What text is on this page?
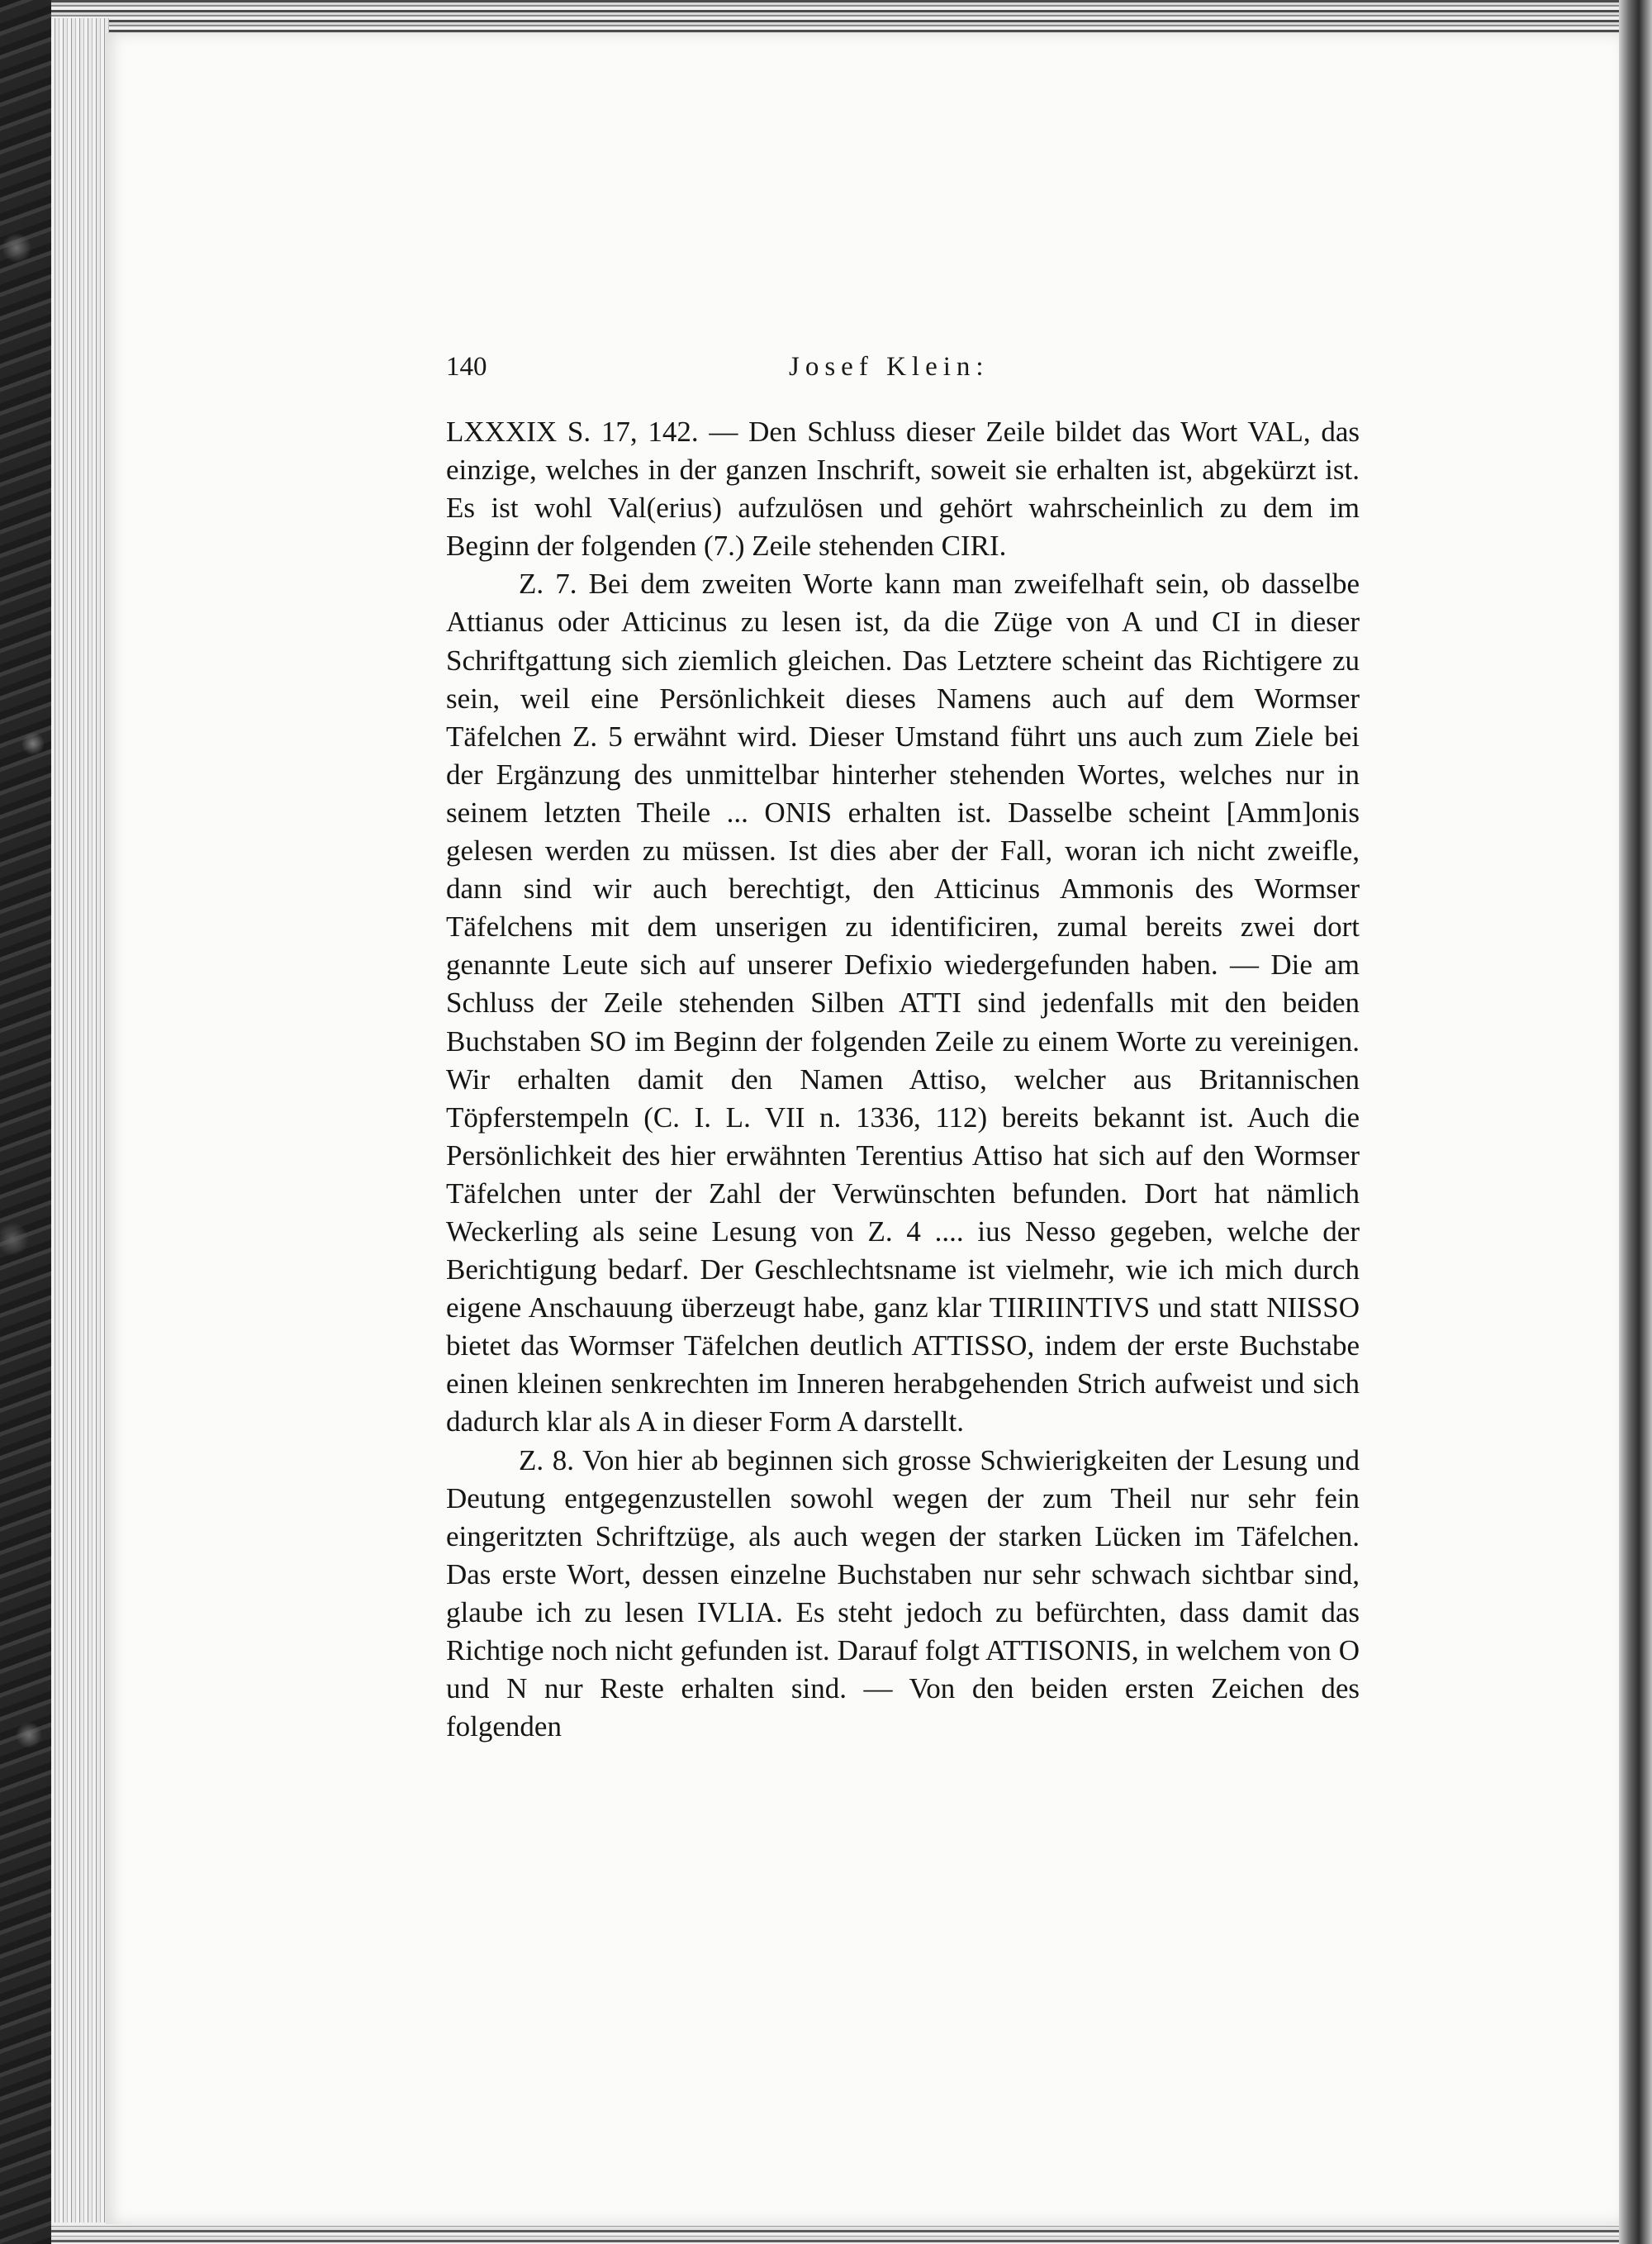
140	Josef Klein:

LXXXIX S. 17, 142. — Den Schluss dieser Zeile bildet das Wort VAL, das einzige, welches in der ganzen Inschrift, soweit sie erhalten ist, abgekürzt ist. Es ist wohl Val(erius) aufzulösen und gehört wahrscheinlich zu dem im Beginn der folgenden (7.) Zeile stehenden CIRI.

Z. 7. Bei dem zweiten Worte kann man zweifelhaft sein, ob dasselbe Attianus oder Atticinus zu lesen ist, da die Züge von A und CI in dieser Schriftgattung sich ziemlich gleichen. Das Letztere scheint das Richtigere zu sein, weil eine Persönlichkeit dieses Namens auch auf dem Wormser Täfelchen Z. 5 erwähnt wird. Dieser Umstand führt uns auch zum Ziele bei der Ergänzung des unmittelbar hinterher stehenden Wortes, welches nur in seinem letzten Theile ... ONIS erhalten ist. Dasselbe scheint [Amm]onis gelesen werden zu müssen. Ist dies aber der Fall, woran ich nicht zweifle, dann sind wir auch berechtigt, den Atticinus Ammonis des Wormser Täfelchens mit dem unserigen zu identificiren, zumal bereits zwei dort genannte Leute sich auf unserer Defixio wiedergefunden haben. — Die am Schluss der Zeile stehenden Silben ATTI sind jedenfalls mit den beiden Buchstaben SO im Beginn der folgenden Zeile zu einem Worte zu vereinigen. Wir erhalten damit den Namen Attiso, welcher aus Britannischen Töpferstempeln (C. I. L. VII n. 1336, 112) bereits bekannt ist. Auch die Persönlichkeit des hier erwähnten Terentius Attiso hat sich auf den Wormser Täfelchen unter der Zahl der Verwünschten befunden. Dort hat nämlich Weckerling als seine Lesung von Z. 4 .... ius Nesso gegeben, welche der Berichtigung bedarf. Der Geschlechtsname ist vielmehr, wie ich mich durch eigene Anschauung überzeugt habe, ganz klar TIIRIINTIVS und statt NIISSO bietet das Wormser Täfelchen deutlich ATTISSO, indem der erste Buchstabe einen kleinen senkrechten im Inneren herabgehenden Strich aufweist und sich dadurch klar als A in dieser Form A darstellt.

Z. 8. Von hier ab beginnen sich grosse Schwierigkeiten der Lesung und Deutung entgegenzustellen sowohl wegen der zum Theil nur sehr fein eingeritzten Schriftzüge, als auch wegen der starken Lücken im Täfelchen. Das erste Wort, dessen einzelne Buchstaben nur sehr schwach sichtbar sind, glaube ich zu lesen IVLIA. Es steht jedoch zu befürchten, dass damit das Richtige noch nicht gefunden ist. Darauf folgt ATTISONIS, in welchem von O und N nur Reste erhalten sind. — Von den beiden ersten Zeichen des folgenden
